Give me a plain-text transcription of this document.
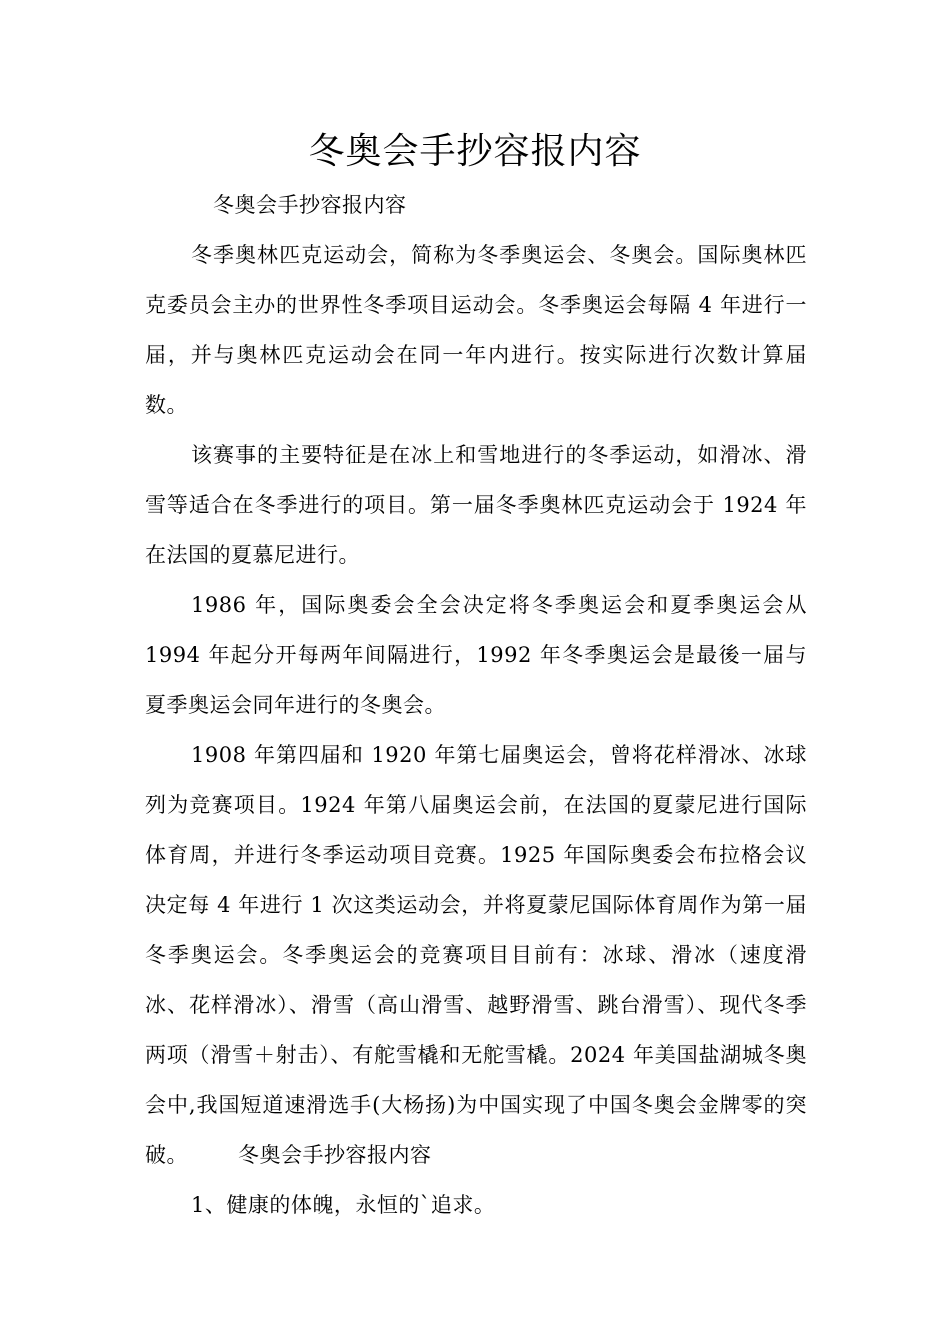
冬奥会手抄容报内容

冬奥会手抄容报内容

冬季奥林匹克运动会，简称为冬季奥运会、冬奥会。国际奥林匹克委员会主办的世界性冬季项目运动会。冬季奥运会每隔 4 年进行一届，并与奥林匹克运动会在同一年内进行。按实际进行次数计算届数。

该赛事的主要特征是在冰上和雪地进行的冬季运动，如滑冰、滑雪等适合在冬季进行的项目。第一届冬季奥林匹克运动会于 1924 年在法国的夏慕尼进行。

1986 年，国际奥委会全会决定将冬季奥运会和夏季奥运会从 1994 年起分开每两年间隔进行，1992 年冬季奥运会是最後一届与夏季奥运会同年进行的冬奥会。

1908 年第四届和 1920 年第七届奥运会，曾将花样滑冰、冰球列为竞赛项目。1924 年第八届奥运会前，在法国的夏蒙尼进行国际体育周，并进行冬季运动项目竞赛。1925 年国际奥委会布拉格会议决定每 4 年进行 1 次这类运动会，并将夏蒙尼国际体育周作为第一届冬季奥运会。冬季奥运会的竞赛项目目前有：冰球、滑冰（速度滑冰、花样滑冰）、滑雪（高山滑雪、越野滑雪、跳台滑雪）、现代冬季两项（滑雪＋射击）、有舵雪橇和无舵雪橇。2024 年美国盐湖城冬奥会中,我国短道速滑选手(大杨扬)为中国实现了中国冬奥会金牌零的突破。 冬奥会手抄容报内容

1、健康的体魄，永恒的`追求。
